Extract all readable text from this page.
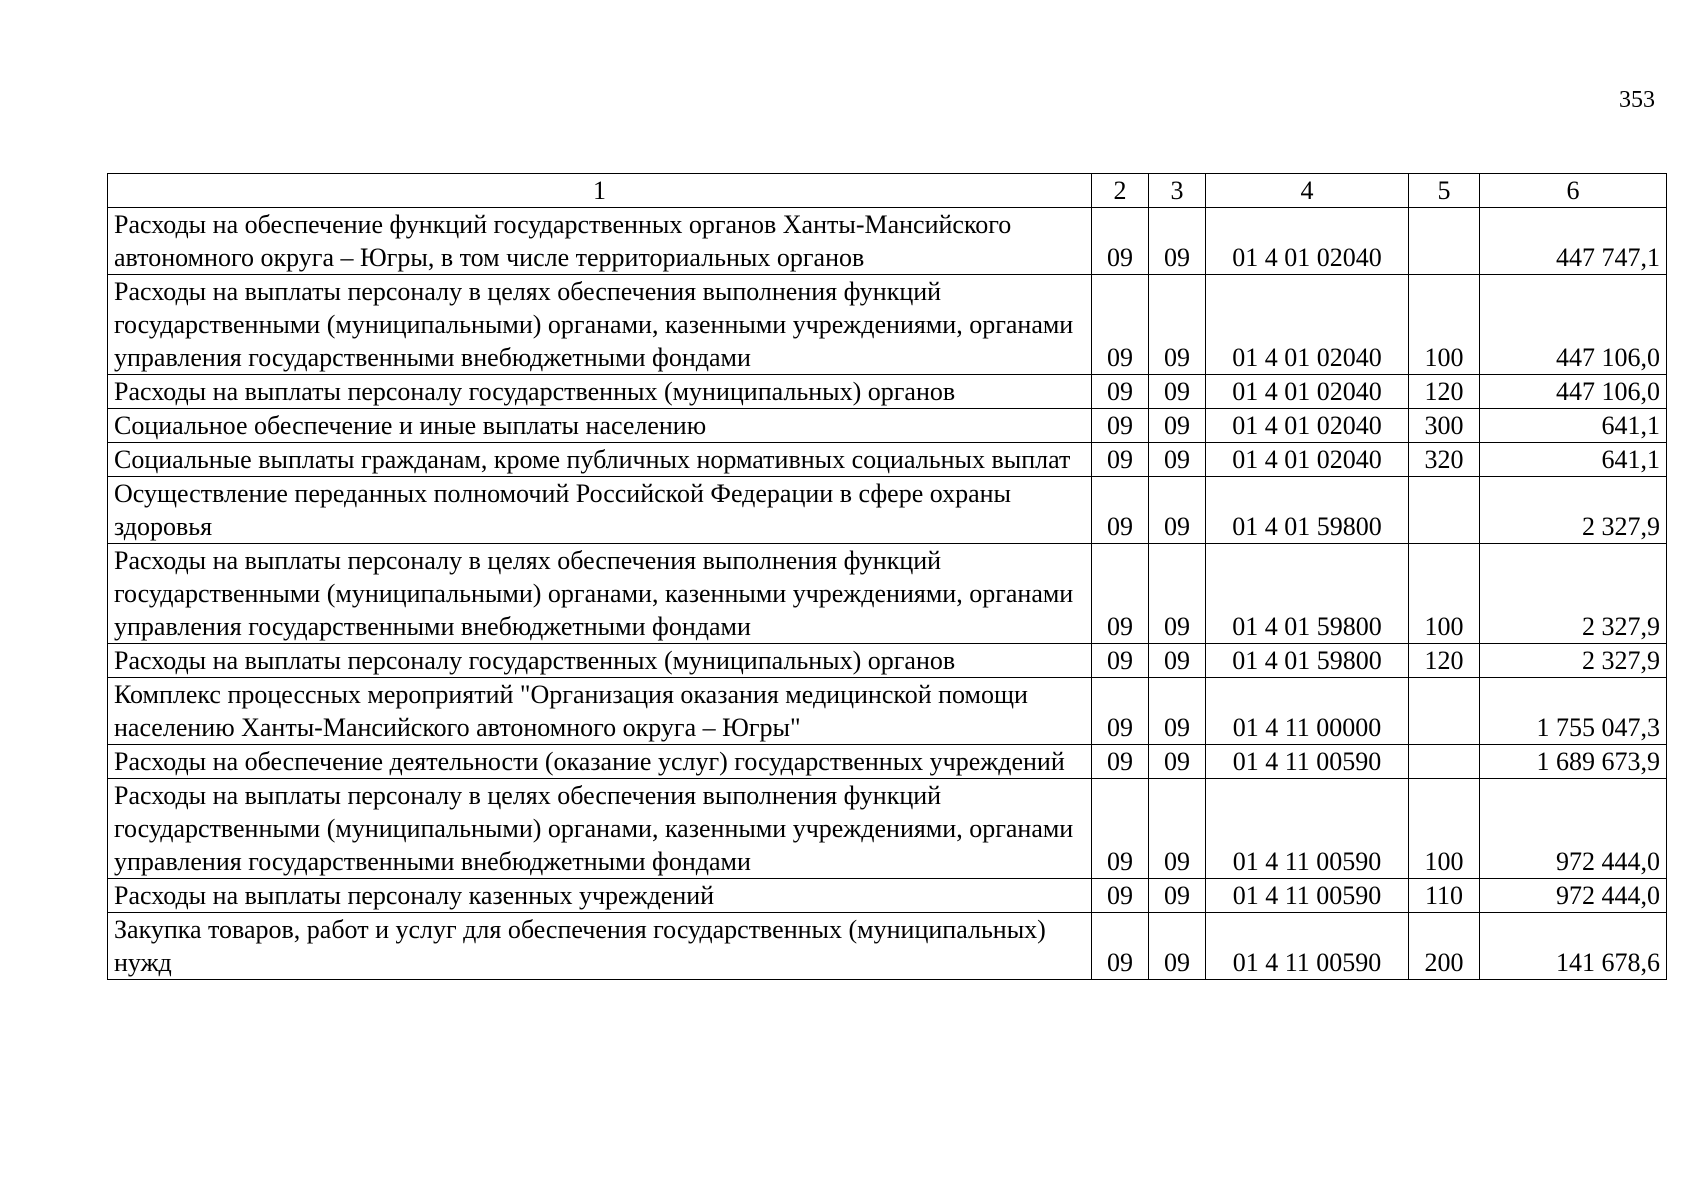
353
1	2	3	4	5	6
Расходы на обеспечение функций государственных органов Ханты-Мансийского автономного округа – Югры, в том числе территориальных органов	09	09	01 4 01 02040		447 747,1
Расходы на выплаты персоналу в целях обеспечения выполнения функций государственными (муниципальными) органами, казенными учреждениями, органами управления государственными внебюджетными фондами	09	09	01 4 01 02040	100	447 106,0
Расходы на выплаты персоналу государственных (муниципальных) органов	09	09	01 4 01 02040	120	447 106,0
Социальное обеспечение и иные выплаты населению	09	09	01 4 01 02040	300	641,1
Социальные выплаты гражданам, кроме публичных нормативных социальных выплат	09	09	01 4 01 02040	320	641,1
Осуществление переданных полномочий Российской Федерации в сфере охраны здоровья	09	09	01 4 01 59800		2 327,9
Расходы на выплаты персоналу в целях обеспечения выполнения функций государственными (муниципальными) органами, казенными учреждениями, органами управления государственными внебюджетными фондами	09	09	01 4 01 59800	100	2 327,9
Расходы на выплаты персоналу государственных (муниципальных) органов	09	09	01 4 01 59800	120	2 327,9
Комплекс процессных мероприятий "Организация оказания медицинской помощи населению Ханты-Мансийского автономного округа – Югры"	09	09	01 4 11 00000		1 755 047,3
Расходы на обеспечение деятельности (оказание услуг) государственных учреждений	09	09	01 4 11 00590		1 689 673,9
Расходы на выплаты персоналу в целях обеспечения выполнения функций государственными (муниципальными) органами, казенными учреждениями, органами управления государственными внебюджетными фондами	09	09	01 4 11 00590	100	972 444,0
Расходы на выплаты персоналу казенных учреждений	09	09	01 4 11 00590	110	972 444,0
Закупка товаров, работ и услуг для обеспечения государственных (муниципальных) нужд	09	09	01 4 11 00590	200	141 678,6
